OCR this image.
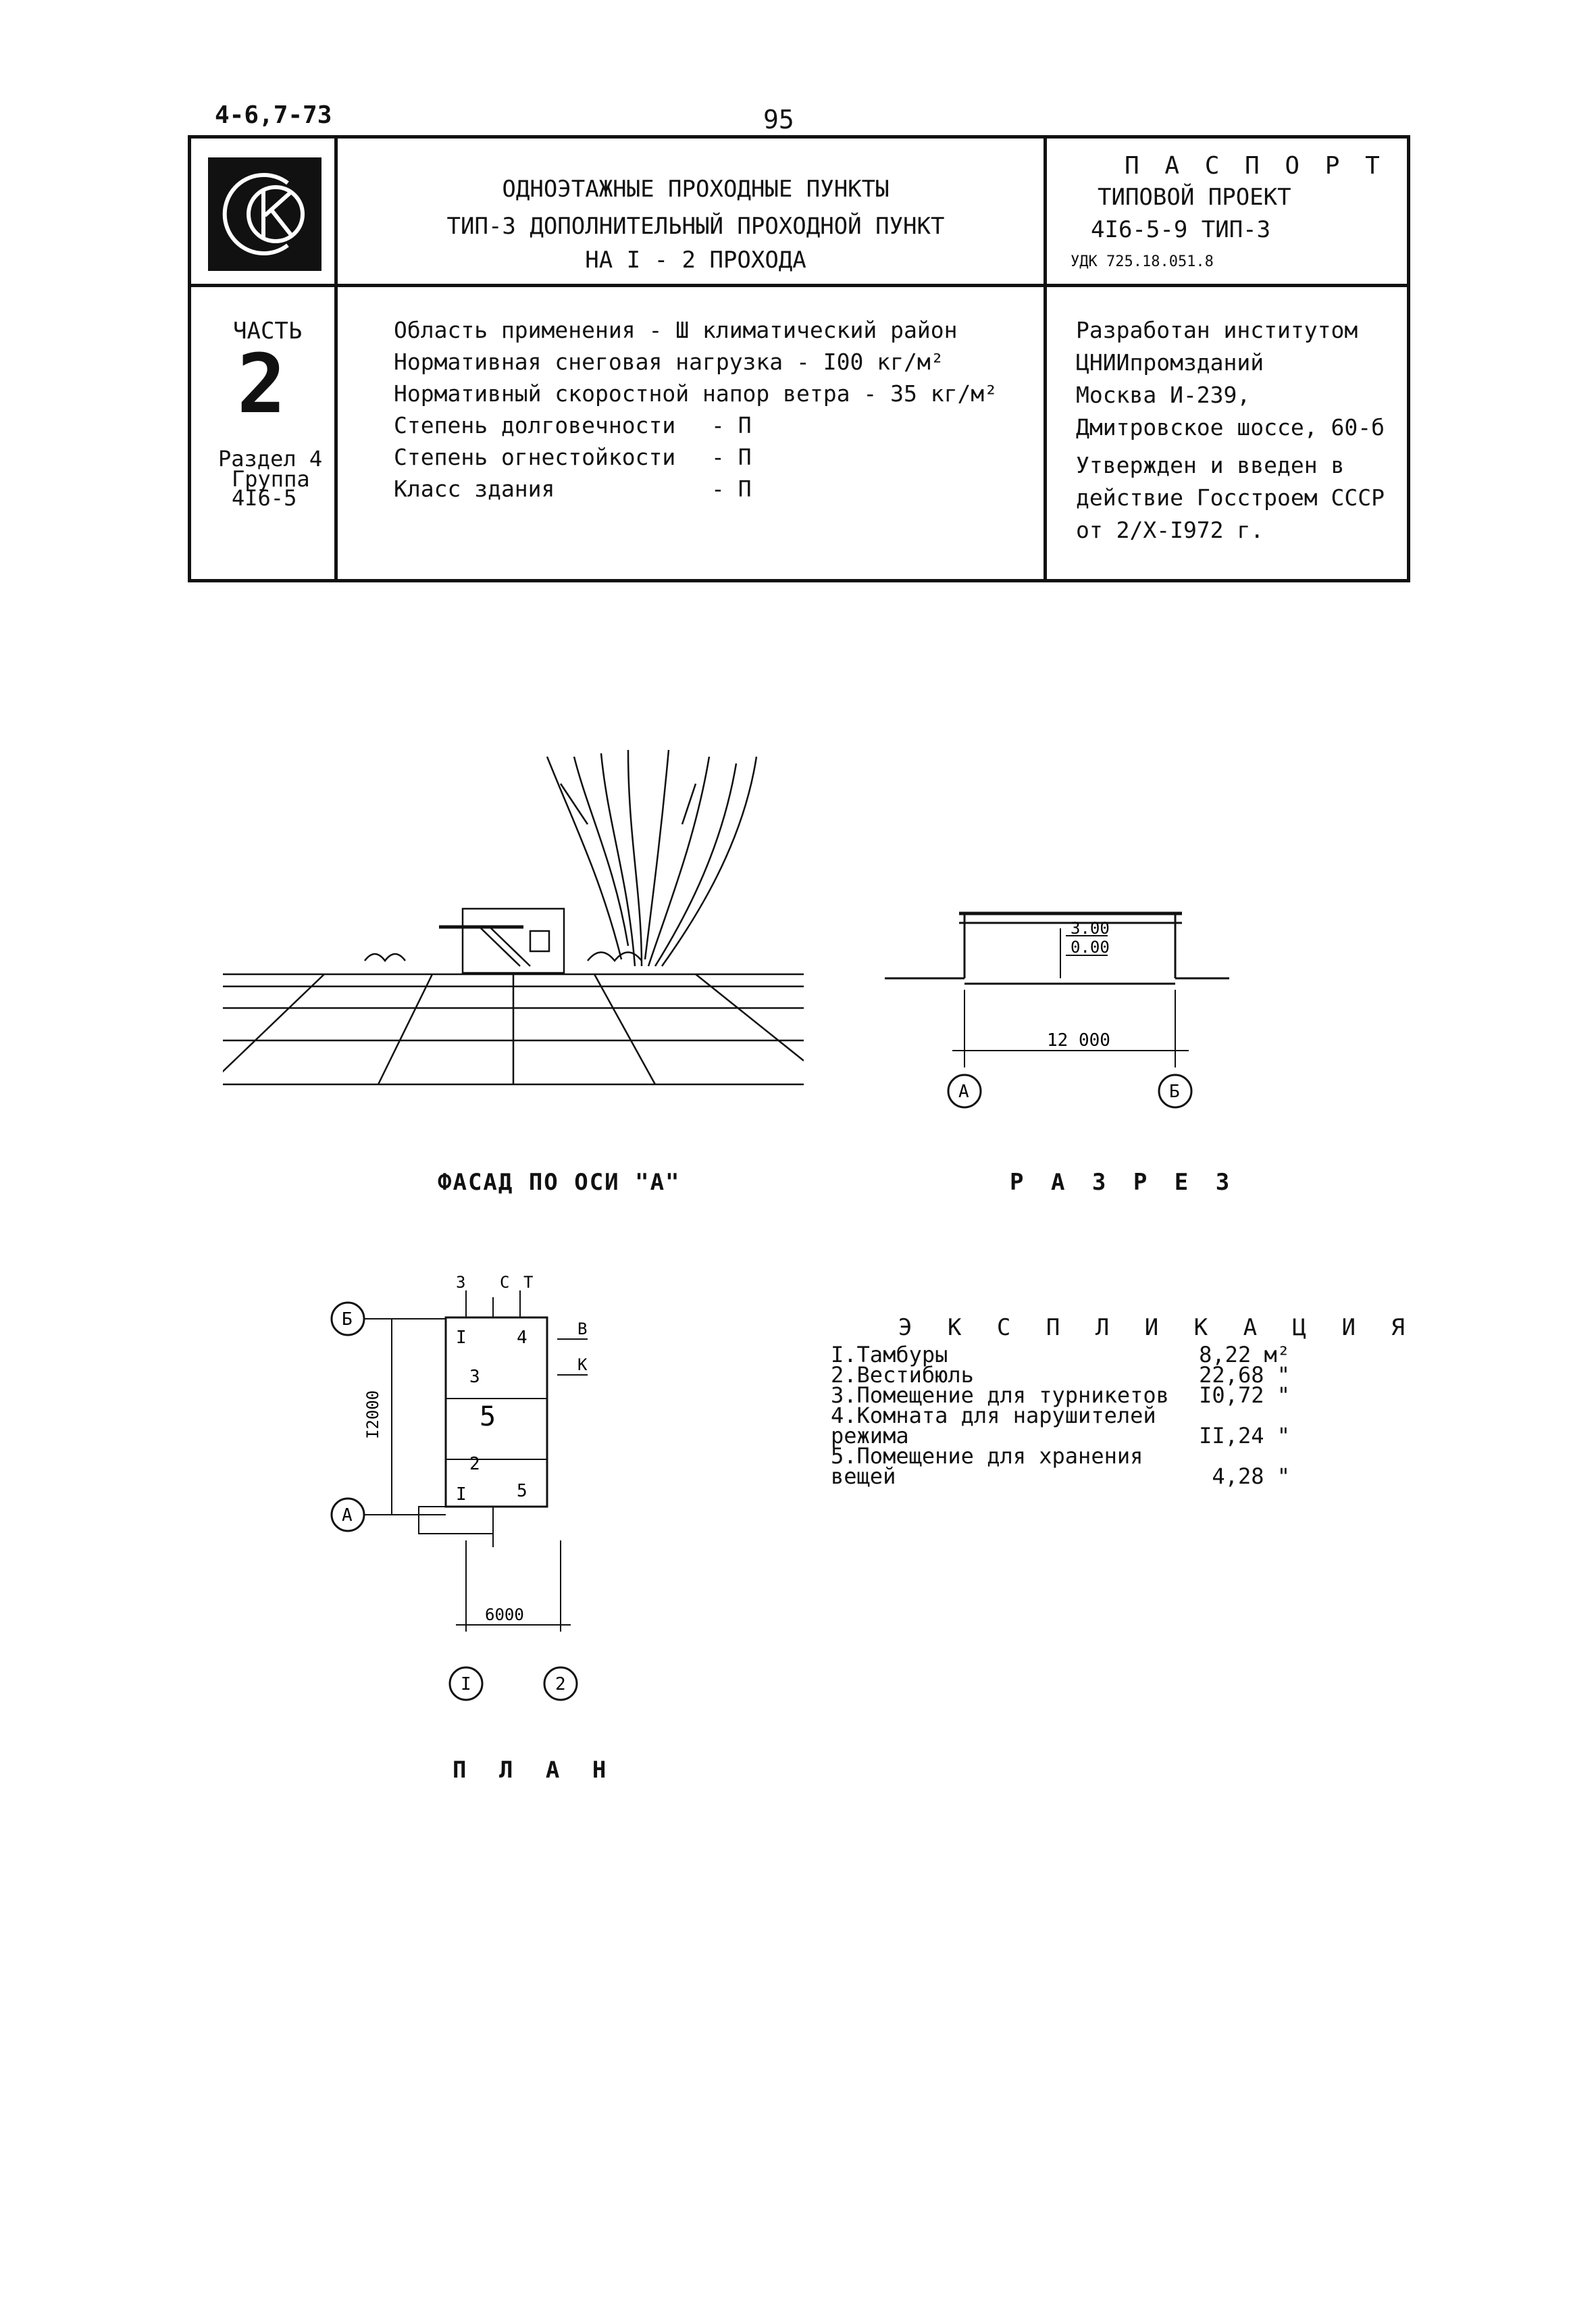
4-6,7-73	95
ОДНОЭТАЖНЫЕ ПРОХОДНЫЕ ПУНКТЫ
ТИП-3 ДОПОЛНИТЕЛЬНЫЙ ПРОХОДНОЙ ПУНКТ
НА I - 2 ПРОХОДА
П А С П О Р Т
ТИПОВОЙ ПРОЕКТ
4I6-5-9 ТИП-3
УДК 725.18.051.8
ЧАСТЬ
2
Раздел 4
Группа
4I6-5
Область применения - Ш климатический район
Нормативная снеговая нагрузка - I00 кг/м²
Нормативный скоростной напор ветра - 35 кг/м²
Степень долговечности - П
Степень огнестойкости - П
Класс здания	- П
Разработан институтом
ЦНИИпромзданий
Москва И-239,
Дмитровское шоссе, 60-б
Утвержден и введен в
действие Госстроем СССР
от 2/Х-I972 г.
3.00
0.00
12 000
А	Б
ФАСАД ПО ОСИ "А"	Р А З Р Е З
Б
А
I2000
6000
I	2
З С Т
В
К
I	4
3
5
2
I	5
П Л А Н
Э К С П Л И К А Ц И Я
I.Тамбуры	8,22 м²
2.Вестибюль	22,68 "
3.Помещение для турникетов I0,72 "
4.Комната для нарушителей
режима	II,24 "
5.Помещение для хранения
вещей	4,28 "
